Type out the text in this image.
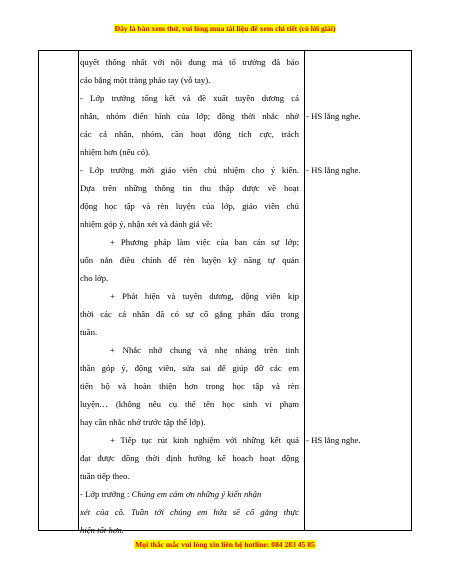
Đây là bản xem thử, vui lòng mua tài liệu để xem chi tiết (có lời giải)
quyết thống nhất với nội dung mà tổ trưởng đã báo
cáo bằng một tràng pháo tay (vỗ tay).
- Lớp trưởng tổng kết và đề xuất tuyên dương cá
nhân, nhóm điển hình của lớp; đồng thời nhắc nhở
các cá nhân, nhóm, cần hoạt động tích cực, trách
nhiệm hơn (nếu có).
- Lớp trưởng mời giáo viên chủ nhiệm cho ý kiến.
Dựa trên những thông tin thu thập được về hoạt
động học tập và rèn luyện của lớp, giáo viên chủ
nhiệm góp ý, nhận xét và đánh giá về:
+ Phương pháp làm việc của ban cán sự lớp;
uốn nắn điều chỉnh để rèn luyện kỹ năng tự quản
cho lớp.
+ Phát hiện và tuyên dương, động viên kịp
thời các cá nhân đã có sự cố gắng phấn đấu trong
tuần.
+ Nhắc nhở chung và nhẹ nhàng trên tinh
thần góp ý, động viên, sửa sai để giúp đỡ các em
tiến bộ và hoàn thiện hơn trong học tập và rèn
luyện… (không nêu cụ thể tên học sinh vi phạm
hay cần nhắc nhở trước tập thể lớp).
+ Tiếp tục rút kinh nghiệm với những kết quả
đạt được đồng thời định hướng kế hoạch hoạt động
tuần tiếp theo.
- Lớp trưởng : Chúng em cảm ơn những ý kiến nhận
xét của cô. Tuần tới chúng em hứa sẽ cố gắng thực
hiện tốt hơn.
- HS lắng nghe.
- HS lắng nghe.
- HS lắng nghe.
Mọi thắc mắc vui lòng xin liên hệ hotline: 084 283 45 85
